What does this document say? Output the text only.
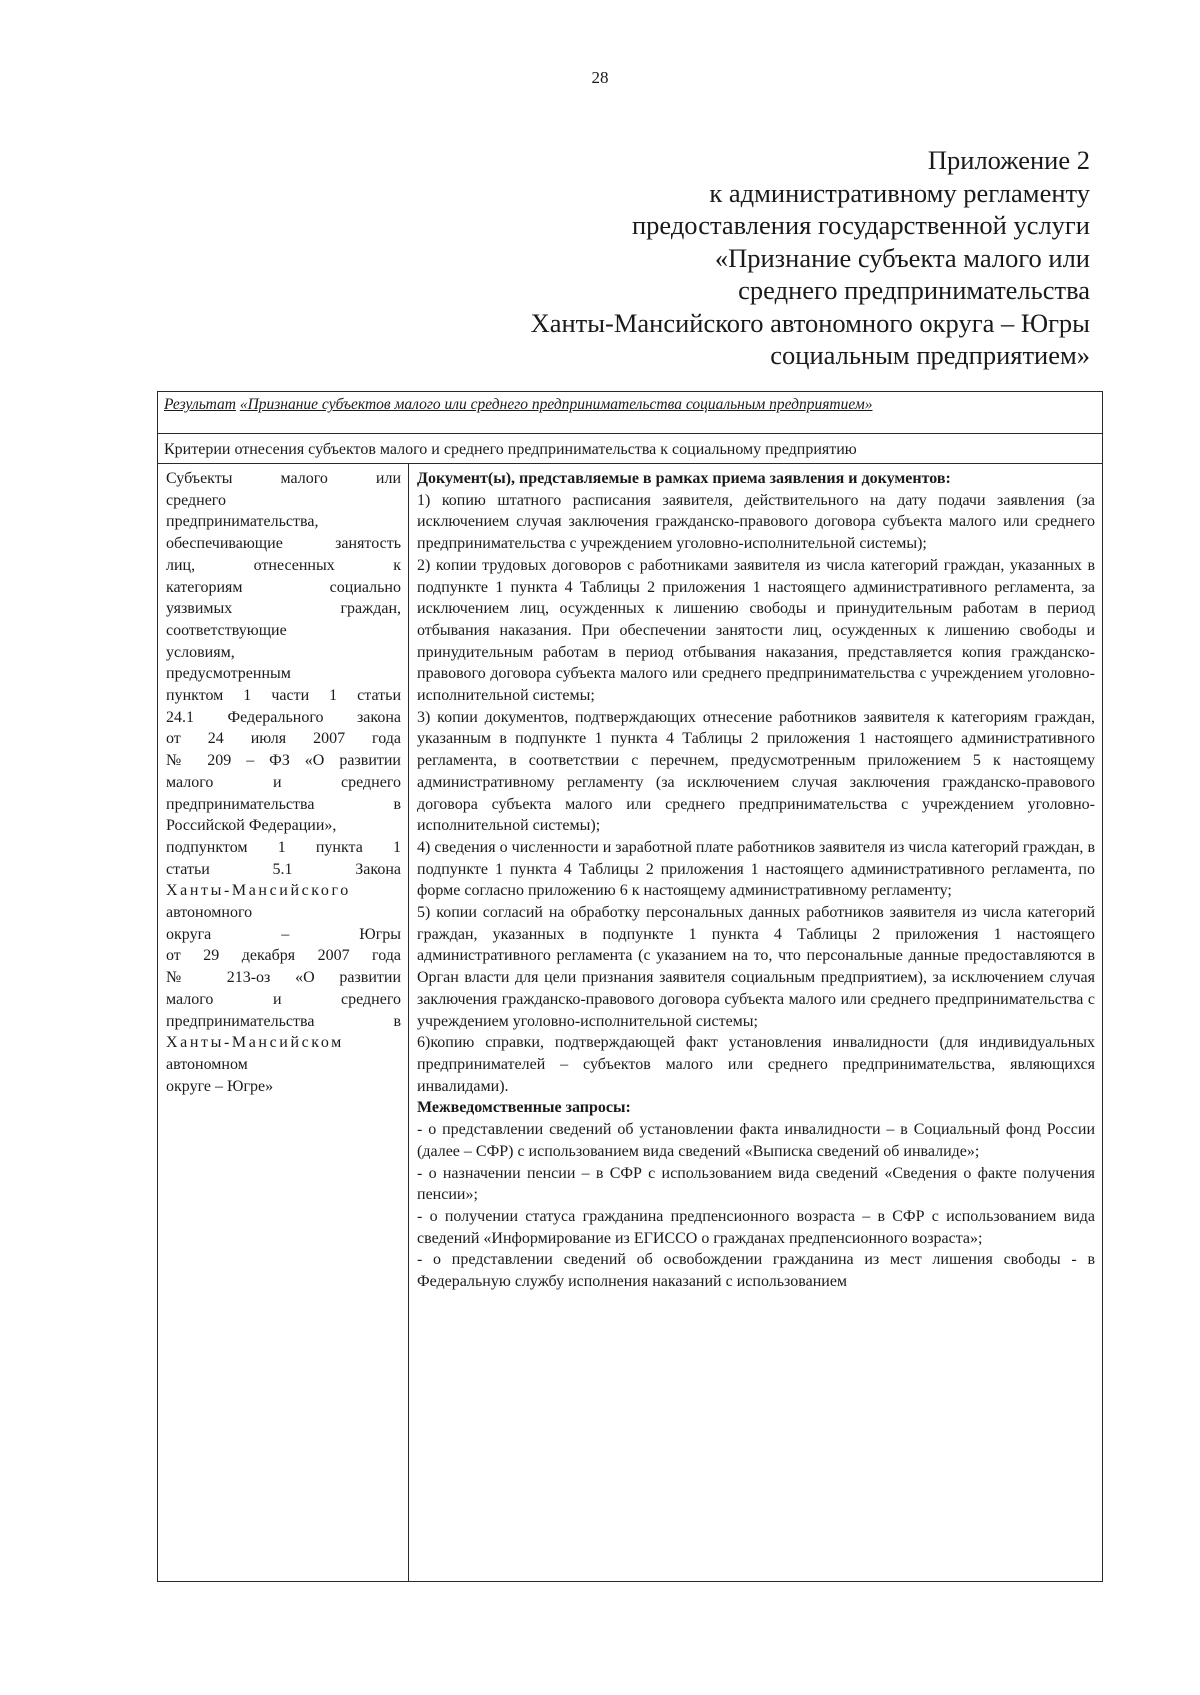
28
Приложение 2
к административному регламенту
предоставления государственной услуги
«Признание субъекта малого или
среднего предпринимательства
Ханты-Мансийского автономного округа – Югры
социальным предприятием»
Результат «Признание субъектов малого или среднего предпринимательства социальным предприятием»
Критерии отнесения субъектов малого и среднего предпринимательства к социальному предприятию
Субъекты малого или
среднего
предпринимательства,
обеспечивающие занятость
лиц, отнесенных к
категориям социально
уязвимых граждан,
соответствующие
условиям,
предусмотренным
пунктом 1 части 1 статьи
24.1 Федерального закона
от 24 июля 2007 года
№ 209 – ФЗ «О развитии
малого и среднего
предпринимательства в
Российской Федерации»,
подпунктом 1 пункта 1
статьи 5.1 Закона
Ханты-Мансийского
автономного
округа – Югры
от 29 декабря 2007 года
№ 213-оз «О развитии
малого и среднего
предпринимательства в
Ханты-Мансийском
автономном
округе – Югре»

Документ(ы), представляемые в рамках приема заявления и документов:

1) копию штатного расписания заявителя, действительного на дату подачи заявления (за исключением случая заключения гражданско-правового договора субъекта малого или среднего предпринимательства с учреждением уголовно-исполнительной системы);

2) копии трудовых договоров с работниками заявителя из числа категорий граждан, указанных в подпункте 1 пункта 4 Таблицы 2 приложения 1 настоящего административного регламента, за исключением лиц, осужденных к лишению свободы и принудительным работам в период отбывания наказания. При обеспечении занятости лиц, осужденных к лишению свободы и принудительным работам в период отбывания наказания, представляется копия гражданско-правового договора субъекта малого или среднего предпринимательства с учреждением уголовно-исполнительной системы;

3) копии документов, подтверждающих отнесение работников заявителя к категориям граждан, указанным в подпункте 1 пункта 4 Таблицы 2 приложения 1 настоящего административного регламента, в соответствии с перечнем, предусмотренным приложением 5 к настоящему административному регламенту (за исключением случая заключения гражданско-правового договора субъекта малого или среднего предпринимательства с учреждением уголовно-исполнительной системы);

4) сведения о численности и заработной плате работников заявителя из числа категорий граждан, в подпункте 1 пункта 4 Таблицы 2 приложения 1 настоящего административного регламента, по форме согласно приложению 6 к настоящему административному регламенту;

5) копии согласий на обработку персональных данных работников заявителя из числа категорий граждан, указанных в подпункте 1 пункта 4 Таблицы 2 приложения 1 настоящего административного регламента (с указанием на то, что персональные данные предоставляются в Орган власти для цели признания заявителя социальным предприятием), за исключением случая заключения гражданско-правового договора субъекта малого или среднего предпринимательства с учреждением уголовно-исполнительной системы;

6)копию справки, подтверждающей факт установления инвалидности (для индивидуальных предпринимателей – субъектов малого или среднего предпринимательства, являющихся инвалидами).

Межведомственные запросы:

- о представлении сведений об установлении факта инвалидности – в Социальный фонд России (далее – СФР) с использованием вида сведений «Выписка сведений об инвалиде»;

- о назначении пенсии – в СФР с использованием вида сведений «Сведения о факте получения пенсии»;

- о получении статуса гражданина предпенсионного возраста – в СФР с использованием вида сведений «Информирование из ЕГИССО о гражданах предпенсионного возраста»;

- о представлении сведений об освобождении гражданина из мест лишения свободы - в Федеральную службу исполнения наказаний с использованием
